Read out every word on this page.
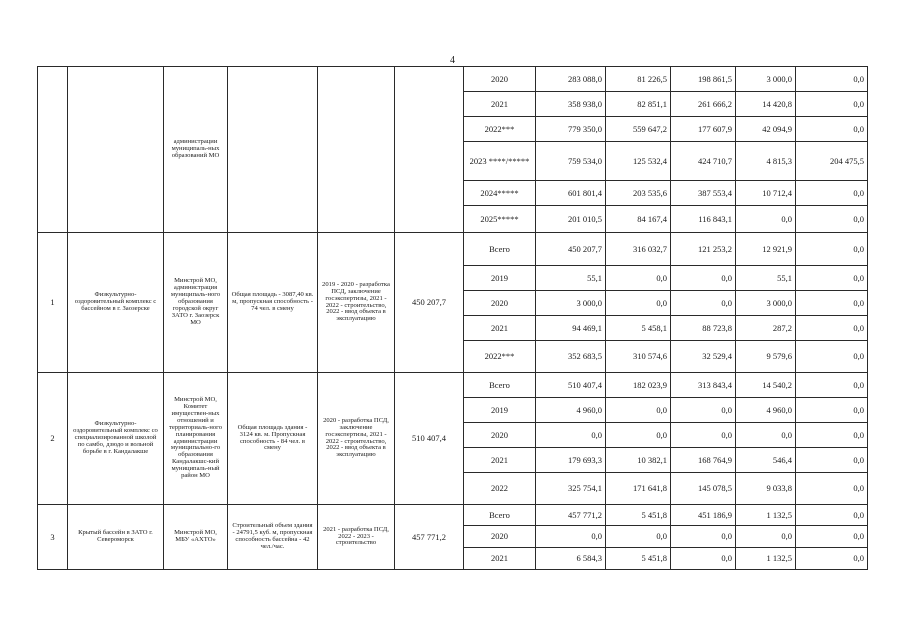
4
		администрации муниципаль-ных образований МО				2020	283 088,0	81 226,5	198 861,5	3 000,0	0,0
						2021	358 938,0	82 851,1	261 666,2	14 420,8	0,0
						2022***	779 350,0	559 647,2	177 607,9	42 094,9	0,0
						2023 ****/*****	759 534,0	125 532,4	424 710,7	4 815,3	204 475,5
						2024*****	601 801,4	203 535,6	387 553,4	10 712,4	0,0
						2025*****	201 010,5	84 167,4	116 843,1	0,0	0,0
1	Физкультурно-оздоровительный комплекс с бассейном в г. Заозерске	Минстрой МО, администрация муниципаль-ного образования городской округ ЗАТО г. Заозерск МО	Общая площадь - 3087,40 кв. м, пропускная способность - 74 чел. в смену	2019 - 2020 - разработка ПСД, заключение госэкспертизы, 2021 - 2022 - строительство, 2022 - ввод объекта в эксплуатацию	450 207,7	Всего	450 207,7	316 032,7	121 253,2	12 921,9	0,0
						2019	55,1	0,0	0,0	55,1	0,0
						2020	3 000,0	0,0	0,0	3 000,0	0,0
						2021	94 469,1	5 458,1	88 723,8	287,2	0,0
						2022***	352 683,5	310 574,6	32 529,4	9 579,6	0,0
2	Физкультурно-оздоровительный комплекс со специализированной школой по самбо, дзюдо и вольной борьбе в г. Кандалакше	Минстрой МО, Комитет имуществен-ных отношений и территориаль-ного планирования администрации муниципально-го образования Кандалакшс-кий муниципаль-ный район МО	Общая площадь здания - 3124 кв. м. Пропускная способность - 84 чел. в смену	2020 - разработка ПСД, заключение госэкспертизы, 2021 - 2022 - строительство, 2022 - ввод объекта в эксплуатацию	510 407,4	Всего	510 407,4	182 023,9	313 843,4	14 540,2	0,0
						2019	4 960,0	0,0	0,0	4 960,0	0,0
						2020	0,0	0,0	0,0	0,0	0,0
						2021	179 693,3	10 382,1	168 764,9	546,4	0,0
						2022	325 754,1	171 641,8	145 078,5	9 033,8	0,0
3	Крытый бассейн в ЗАТО г. Североморск	Минстрой МО, МБУ «АХТО»	Строительный объем здания - 24791,5 куб. м, пропускная способность бассейна - 42 чел./час.	2021 - разработка ПСД, 2022 - 2023 - строительство	457 771,2	Всего	457 771,2	5 451,8	451 186,9	1 132,5	0,0
						2020	0,0	0,0	0,0	0,0	0,0
						2021	6 584,3	5 451,8	0,0	1 132,5	0,0
